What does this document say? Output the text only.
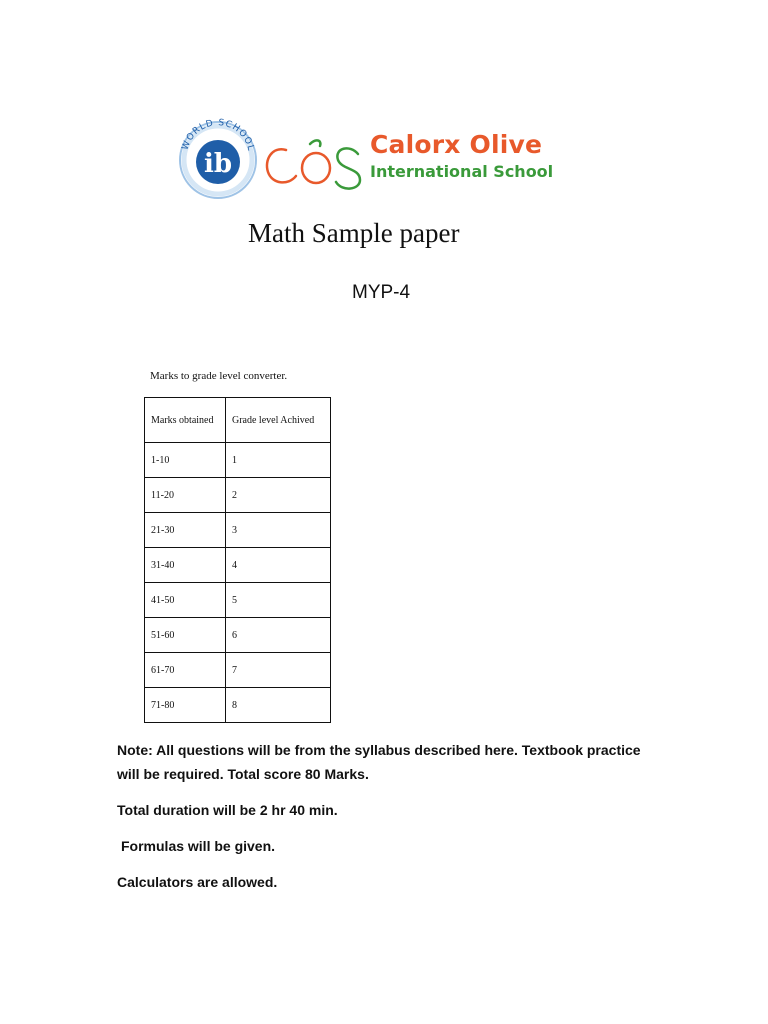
WORLD SCHOOL
ib
Calorx Olive
International School
Math Sample paper
MYP-4
Marks to grade level converter.
Marks obtained	Grade level Achived
1-10	1
11-20	2
21-30	3
31-40	4
41-50	5
51-60	6
61-70	7
71-80	8

Note: All questions will be from the syllabus described here. Textbook practice will be required. Total score 80 Marks.

Total duration will be 2 hr 40 min.

Formulas will be given.

Calculators are allowed.
